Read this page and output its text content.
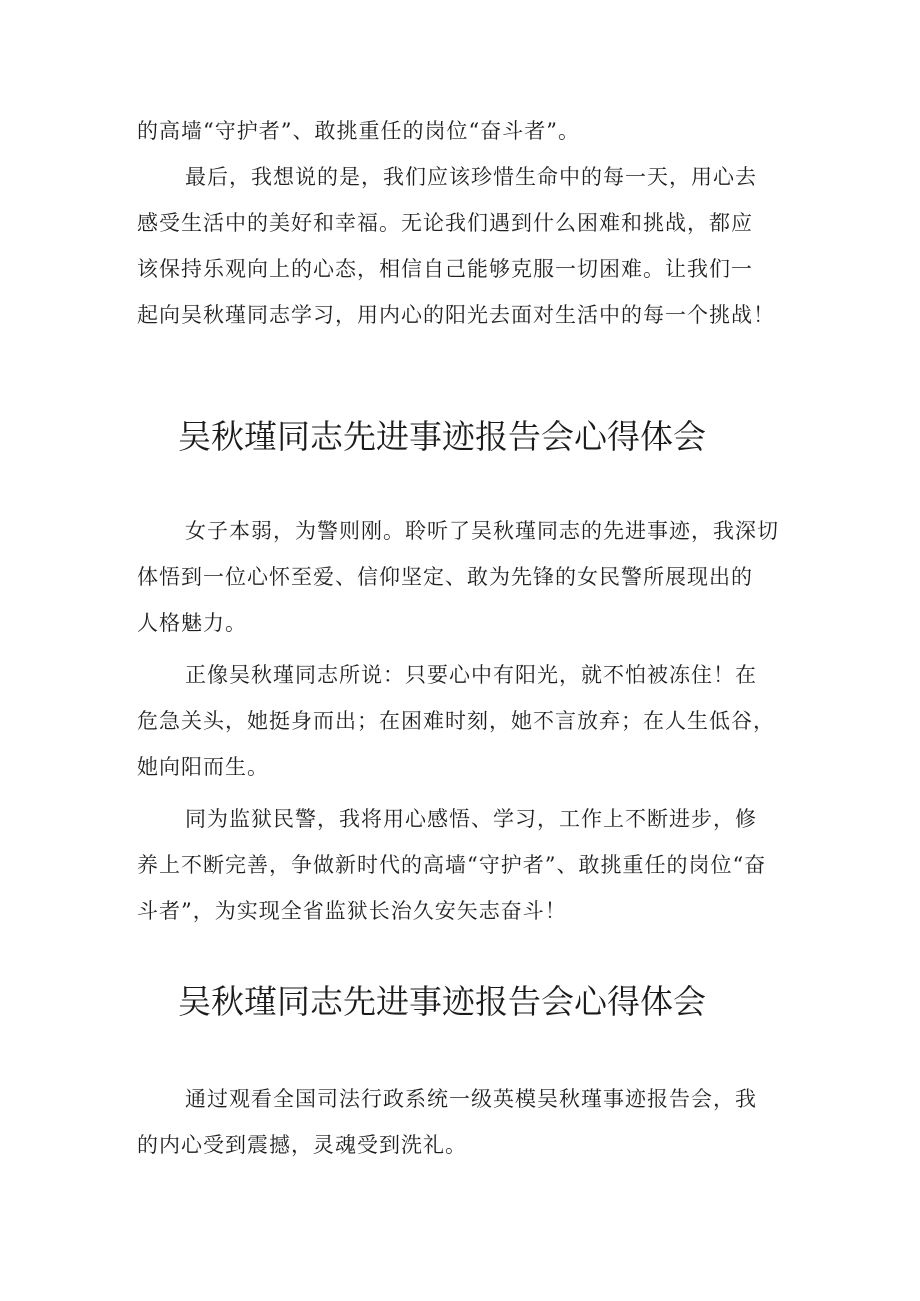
的高墙“守护者”、敢挑重任的岗位“奋斗者”。
最后，我想说的是，我们应该珍惜生命中的每一天，用心去
感受生活中的美好和幸福。无论我们遇到什么困难和挑战，都应
该保持乐观向上的心态，相信自己能够克服一切困难。让我们一
起向吴秋瑾同志学习，用内心的阳光去面对生活中的每一个挑战！
吴秋瑾同志先进事迹报告会心得体会
女子本弱，为警则刚。聆听了吴秋瑾同志的先进事迹，我深切
体悟到一位心怀至爱、信仰坚定、敢为先锋的女民警所展现出的
人格魅力。
正像吴秋瑾同志所说：只要心中有阳光，就不怕被冻住！在
危急关头，她挺身而出；在困难时刻，她不言放弃；在人生低谷，
她向阳而生。
同为监狱民警，我将用心感悟、学习，工作上不断进步，修
养上不断完善，争做新时代的高墙“守护者”、敢挑重任的岗位“奋
斗者”，为实现全省监狱长治久安矢志奋斗！
吴秋瑾同志先进事迹报告会心得体会
通过观看全国司法行政系统一级英模吴秋瑾事迹报告会，我
的内心受到震撼，灵魂受到洗礼。
